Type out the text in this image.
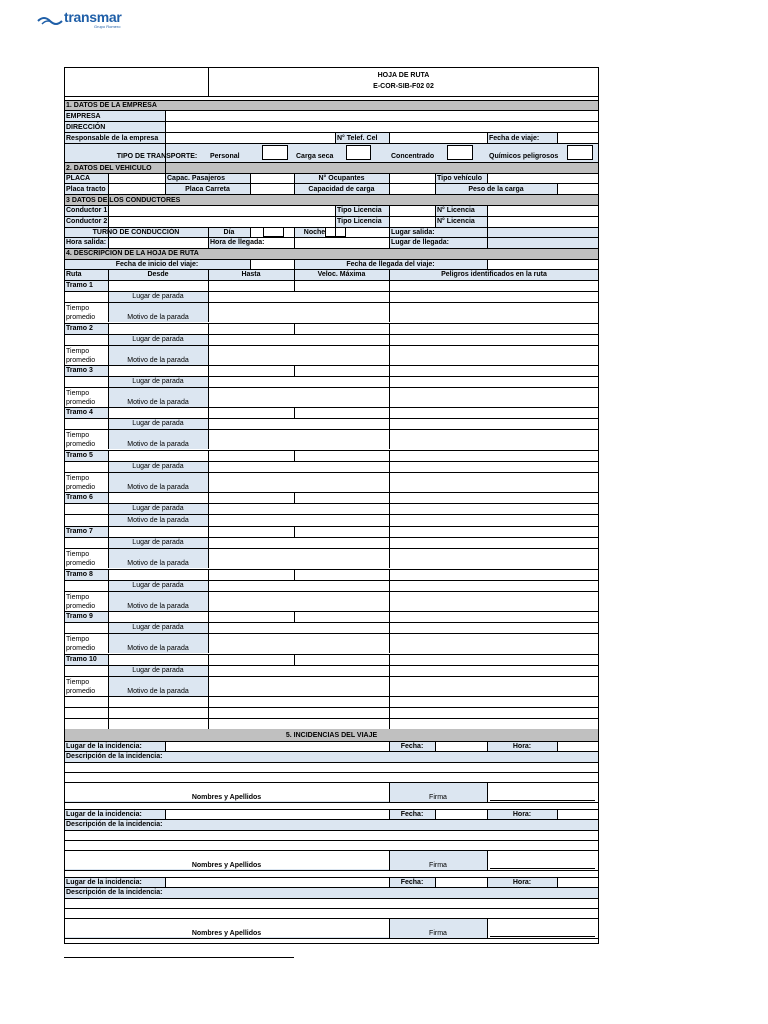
transmar
Grupo Romero
HOJA DE RUTA
E-COR-SIB-F02 02
1. DATOS DE LA EMPRESA
EMPRESA
DIRECCIÓN
Responsable de la empresa	N° Telef. Cel	Fecha de viaje:
TIPO DE TRANSPORTE:	Personal	Carga seca	Concentrado	Químicos peligrosos
2. DATOS DEL VEHICULO
PLACA	Capac. Pasajeros	N° Ocupantes	Tipo vehículo
Placa tracto	Placa Carreta	Capacidad de carga	Peso de la carga
3 DATOS DE LOS CONDUCTORES
Conductor 1	Tipo Licencia	N° Licencia
Conductor 2	Tipo Licencia	N° Licencia
TURNO DE CONDUCCIÓN	Día	Noche	Lugar salida:
Hora salida:	Hora de llegada:	Lugar de llegada:
4. DESCRIPCION DE LA HOJA DE RUTA
Fecha de inicio del viaje:	Fecha de llegada del viaje:
Ruta	Desde	Hasta	Veloc. Máxima	Peligros identificados en la ruta
Tramo 1
Lugar de parada
Tiempo
promedio	Motivo de la parada
Tramo 2
Lugar de parada
Tiempo
promedio	Motivo de la parada
Tramo 3
Lugar de parada
Tiempo
promedio	Motivo de la parada
Tramo 4
Lugar de parada
Tiempo
promedio	Motivo de la parada
Tramo 5
Lugar de parada
Tiempo
promedio	Motivo de la parada
Tramo 6
Lugar de parada
Motivo de la parada
Tramo 7
Lugar de parada
Tiempo
promedio	Motivo de la parada
Tramo 8
Lugar de parada
Tiempo
promedio	Motivo de la parada
Tramo 9
Lugar de parada
Tiempo
promedio	Motivo de la parada
Tramo 10
Lugar de parada
Tiempo
promedio	Motivo de la parada
5. INCIDENCIAS DEL VIAJE
Lugar de la incidencia:	Fecha:	Hora:
Descripción de la incidencia:
Nombres y Apellidos	Firma
Lugar de la incidencia:	Fecha:	Hora:
Descripción de la incidencia:
Nombres y Apellidos	Firma
Lugar de la incidencia:	Fecha:	Hora:
Descripción de la incidencia:
Nombres y Apellidos	Firma
